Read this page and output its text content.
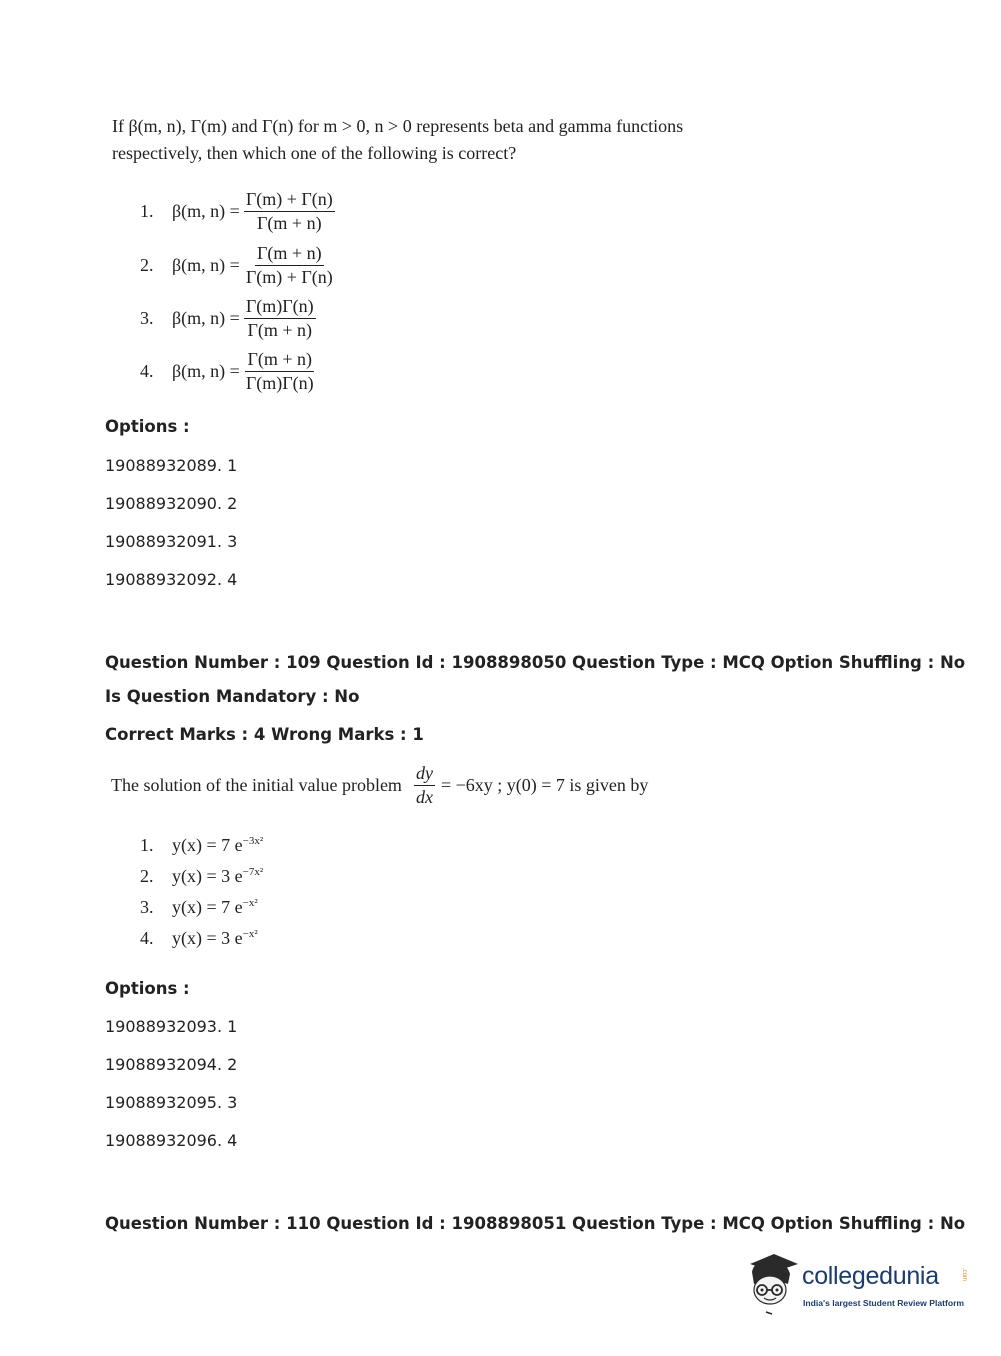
If β(m, n), Γ(m) and Γ(n) for m > 0, n > 0 represents beta and gamma functions
respectively, then which one of the following is correct?
1.	β(m, $n) = \frac{\Gamma(m) + \Gamma(n)}{\Gamma(m + n)}$
2.	β(m, $n) = \frac{\Gamma(m + n)}{\Gamma(m) + \Gamma(n)}$
3.	β(m, $n) = \frac{\Gamma(m)\Gamma(n)}{\Gamma(m + n)}$
4.	β(m, $n) = \frac{\Gamma(m + n)}{\Gamma(m)\Gamma(n)}$
Options :
19088932089. 1
19088932090. 2
19088932091. 3
19088932092. 4
Question Number : 109 Question Id : 1908898050 Question Type : MCQ Option Shuffling : No
Is Question Mandatory : No
Correct Marks : 4 Wrong Marks : 1
The solution of the initial value problem $\frac{dy}{dx} = -6xy$ ; y(0) = 7 is given by
1. y(x) = 7 $e^{-3x^2}$
2. y(x) = 3 $e^{-7x^2}$
3. y(x) = 7 $e^{-x^2}$
4. y(x) = 3 $e^{-x^2}$
Options :
19088932093. 1
19088932094. 2
19088932095. 3
19088932096. 4
Question Number : 110 Question Id : 1908898051 Question Type : MCQ Option Shuffling : No
collegedunia	.com
India's largest Student Review Platform
